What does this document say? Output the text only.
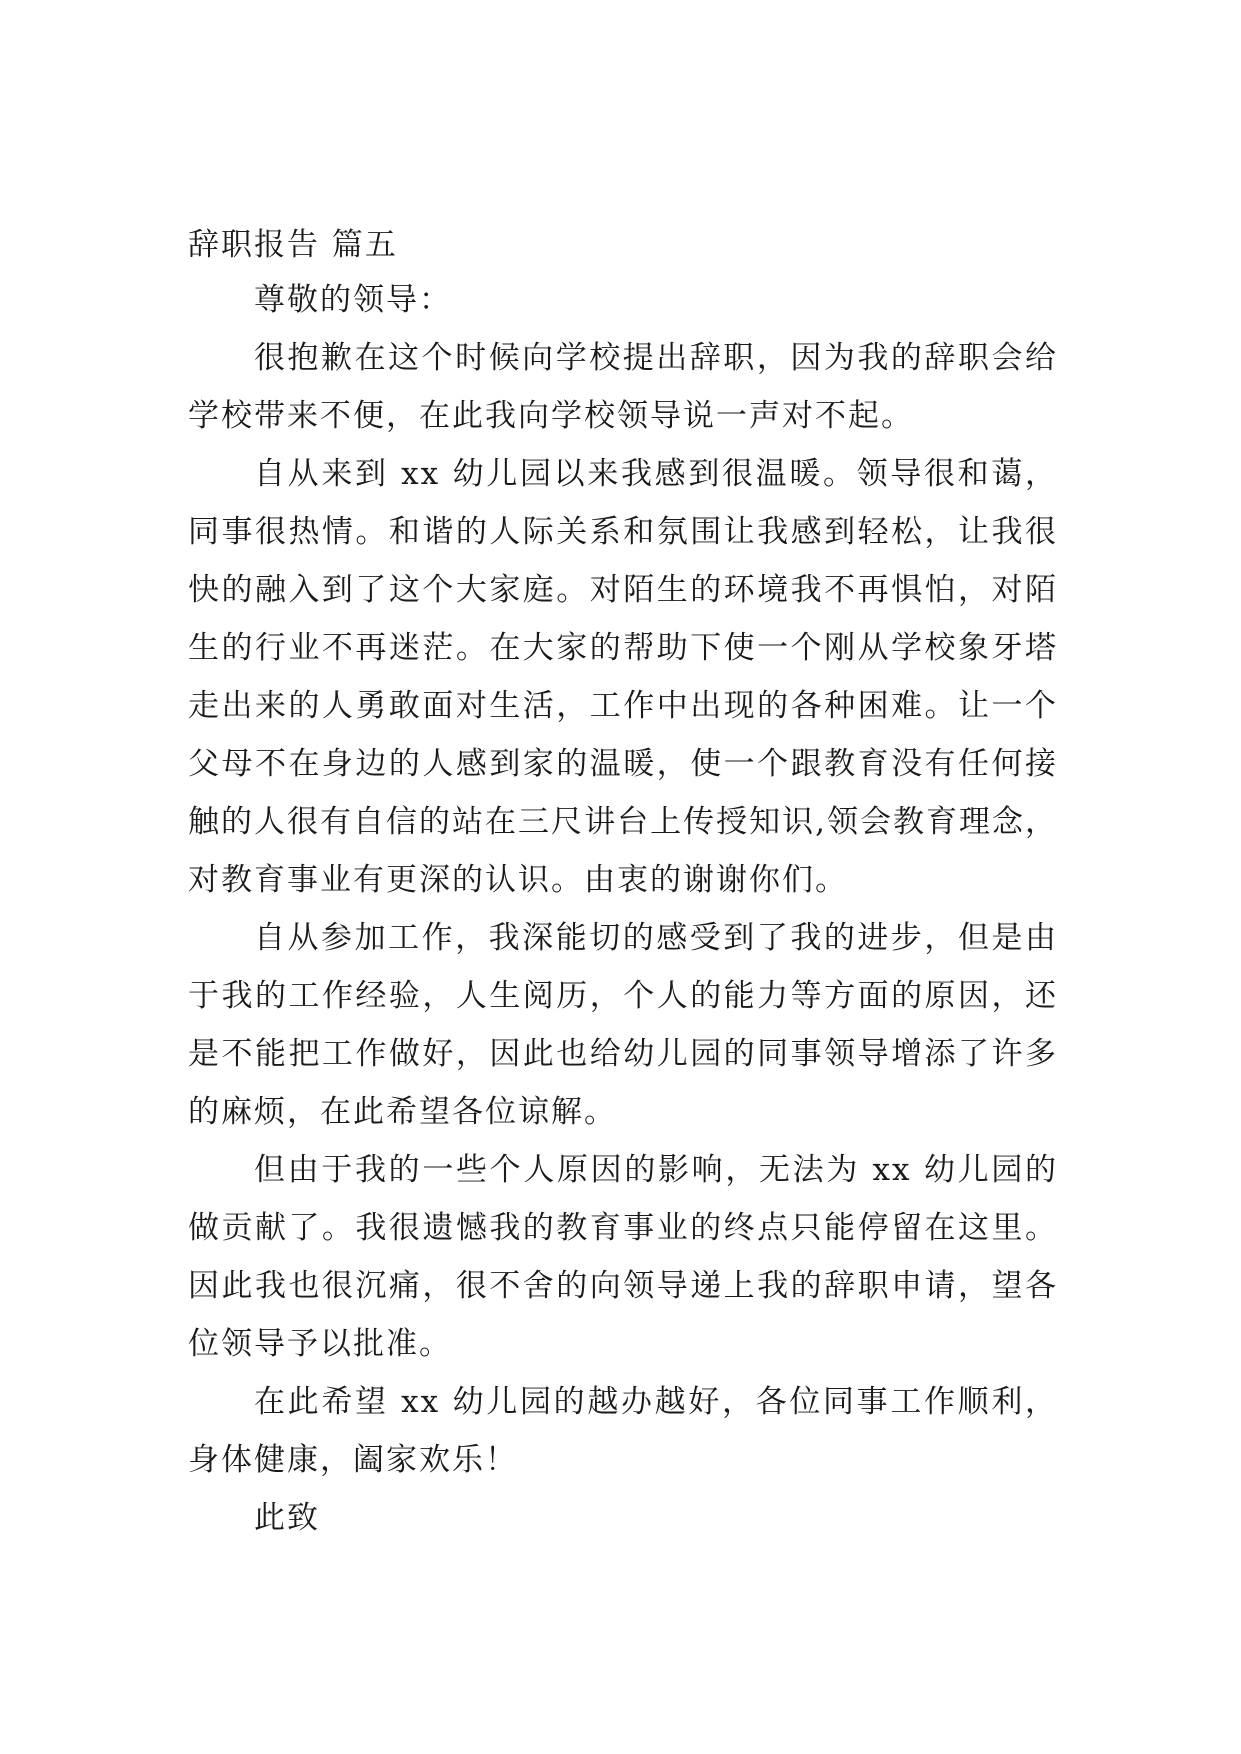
辞职报告 篇五

尊敬的领导：

很抱歉在这个时候向学校提出辞职，因为我的辞职会给学校带来不便，在此我向学校领导说一声对不起。

自从来到 xx 幼儿园以来我感到很温暖。领导很和蔼，同事很热情。和谐的人际关系和氛围让我感到轻松，让我很快的融入到了这个大家庭。对陌生的环境我不再惧怕，对陌生的行业不再迷茫。在大家的帮助下使一个刚从学校象牙塔走出来的人勇敢面对生活，工作中出现的各种困难。让一个父母不在身边的人感到家的温暖，使一个跟教育没有任何接触的人很有自信的站在三尺讲台上传授知识,领会教育理念，对教育事业有更深的认识。由衷的谢谢你们。

自从参加工作，我深能切的感受到了我的进步，但是由于我的工作经验，人生阅历，个人的能力等方面的原因，还是不能把工作做好，因此也给幼儿园的同事领导增添了许多的麻烦，在此希望各位谅解。

但由于我的一些个人原因的影响，无法为 xx 幼儿园的做贡献了。我很遗憾我的教育事业的终点只能停留在这里。因此我也很沉痛，很不舍的向领导递上我的辞职申请，望各位领导予以批准。

在此希望 xx 幼儿园的越办越好，各位同事工作顺利，身体健康，阖家欢乐！

此致
